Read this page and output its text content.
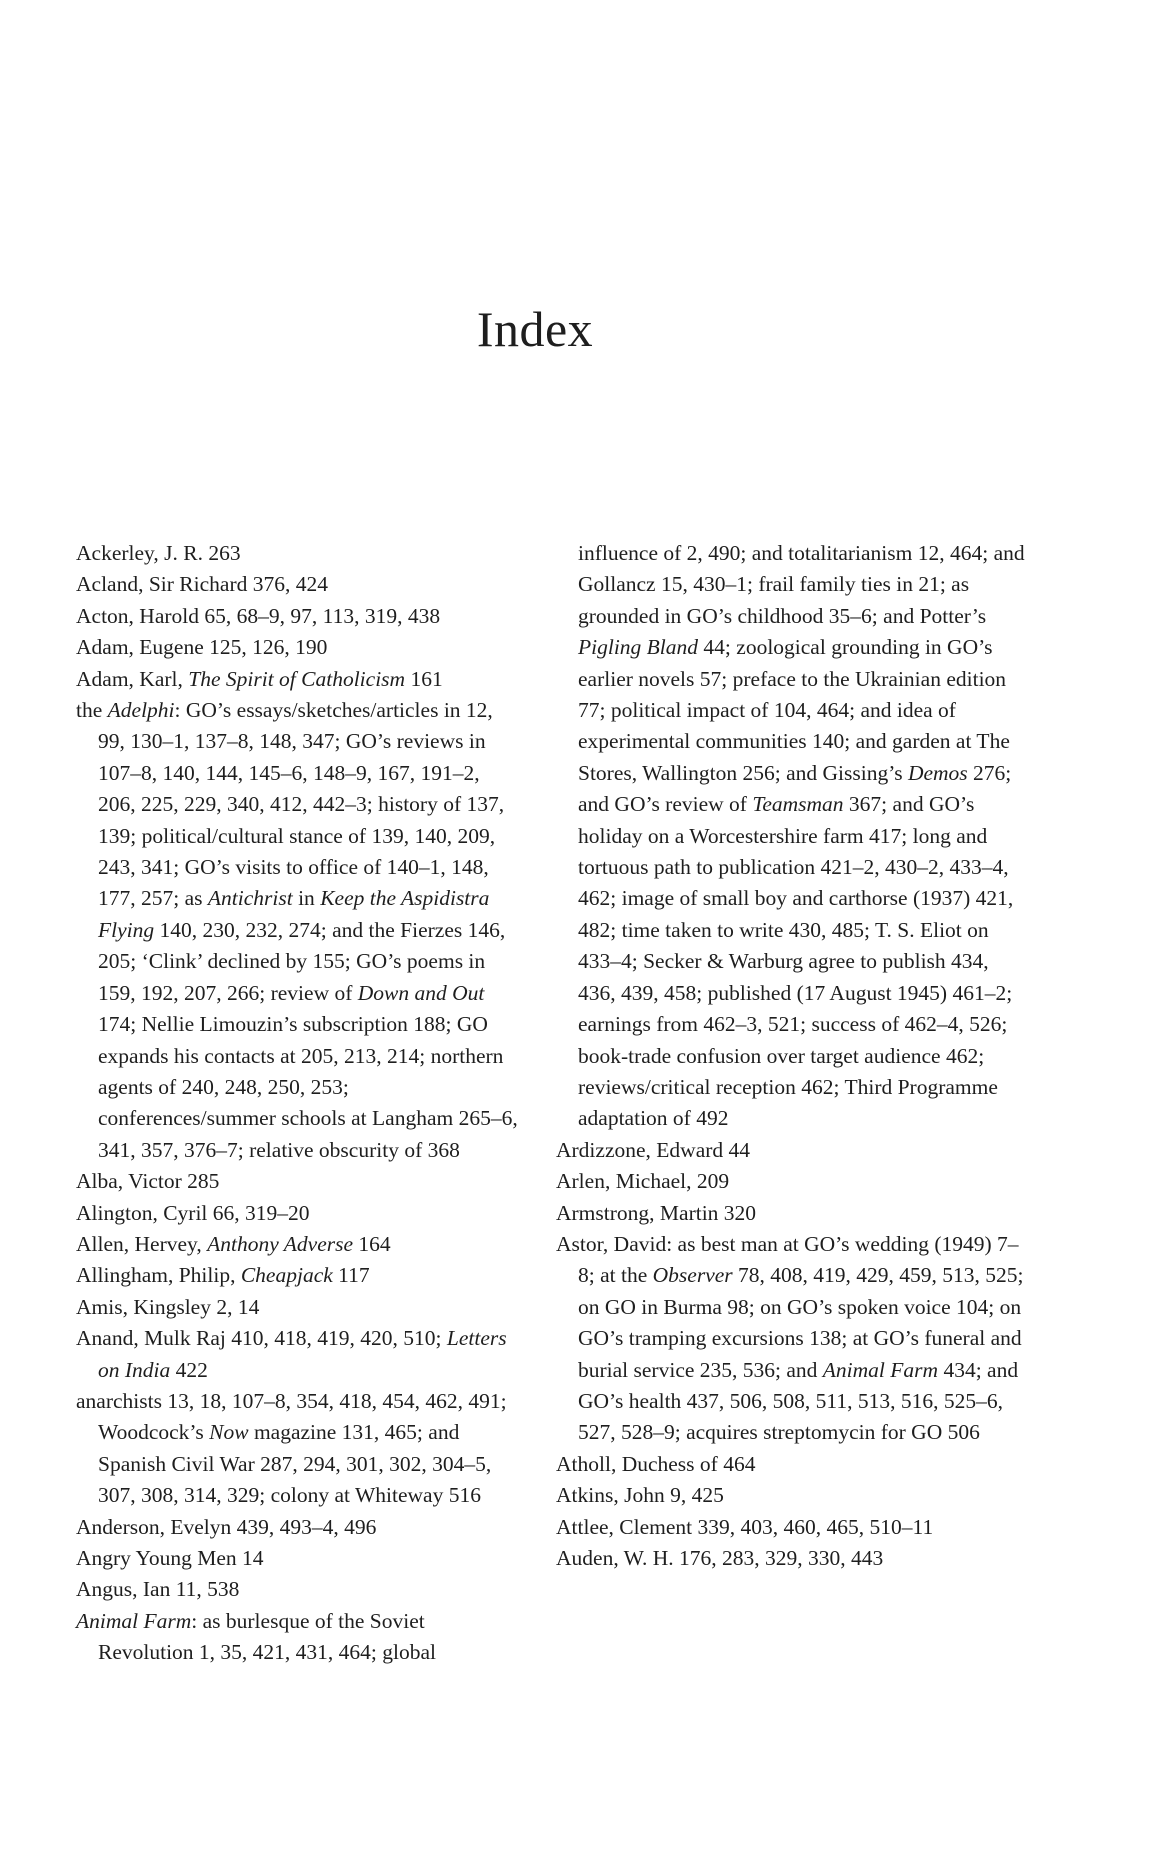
Index

Ackerley, J. R. 263

Acland, Sir Richard 376, 424

Acton, Harold 65, 68–9, 97, 113, 319, 438

Adam, Eugene 125, 126, 190

Adam, Karl, The Spirit of Catholicism 161

the Adelphi: GO’s essays/sketches/articles in 12, 99, 130–1, 137–8, 148, 347; GO’s reviews in 107–8, 140, 144, 145–6, 148–9, 167, 191–2, 206, 225, 229, 340, 412, 442–3; history of 137, 139; political/cultural stance of 139, 140, 209, 243, 341; GO’s visits to office of 140–1, 148, 177, 257; as Antichrist in Keep the Aspidistra Flying 140, 230, 232, 274; and the Fierzes 146, 205; ‘Clink’ declined by 155; GO’s poems in 159, 192, 207, 266; review of Down and Out 174; Nellie Limouzin’s subscription 188; GO expands his contacts at 205, 213, 214; northern agents of 240, 248, 250, 253; conferences/summer schools at Langham 265–6, 341, 357, 376–7; relative obscurity of 368

Alba, Victor 285

Alington, Cyril 66, 319–20

Allen, Hervey, Anthony Adverse 164

Allingham, Philip, Cheapjack 117

Amis, Kingsley 2, 14

Anand, Mulk Raj 410, 418, 419, 420, 510; Letters on India 422

anarchists 13, 18, 107–8, 354, 418, 454, 462, 491; Woodcock’s Now magazine 131, 465; and Spanish Civil War 287, 294, 301, 302, 304–5, 307, 308, 314, 329; colony at Whiteway 516

Anderson, Evelyn 439, 493–4, 496

Angry Young Men 14

Angus, Ian 11, 538

Animal Farm: as burlesque of the Soviet Revolution 1, 35, 421, 431, 464; global

influence of 2, 490; and totalitarianism 12, 464; and Gollancz 15, 430–1; frail family ties in 21; as grounded in GO’s childhood 35–6; and Potter’s Pigling Bland 44; zoological grounding in GO’s earlier novels 57; preface to the Ukrainian edition 77; political impact of 104, 464; and idea of experimental communities 140; and garden at The Stores, Wallington 256; and Gissing’s Demos 276; and GO’s review of Teamsman 367; and GO’s holiday on a Worcestershire farm 417; long and tortuous path to publication 421–2, 430–2, 433–4, 462; image of small boy and carthorse (1937) 421, 482; time taken to write 430, 485; T. S. Eliot on 433–4; Secker & Warburg agree to publish 434, 436, 439, 458; published (17 August 1945) 461–2; earnings from 462–3, 521; success of 462–4, 526; book-trade confusion over target audience 462; reviews/critical reception 462; Third Programme adaptation of 492

Ardizzone, Edward 44

Arlen, Michael, 209

Armstrong, Martin 320

Astor, David: as best man at GO’s wedding (1949) 7–8; at the Observer 78, 408, 419, 429, 459, 513, 525; on GO in Burma 98; on GO’s spoken voice 104; on GO’s tramping excursions 138; at GO’s funeral and burial service 235, 536; and Animal Farm 434; and GO’s health 437, 506, 508, 511, 513, 516, 525–6, 527, 528–9; acquires streptomycin for GO 506

Atholl, Duchess of 464

Atkins, John 9, 425

Attlee, Clement 339, 403, 460, 465, 510–11

Auden, W. H. 176, 283, 329, 330, 443
